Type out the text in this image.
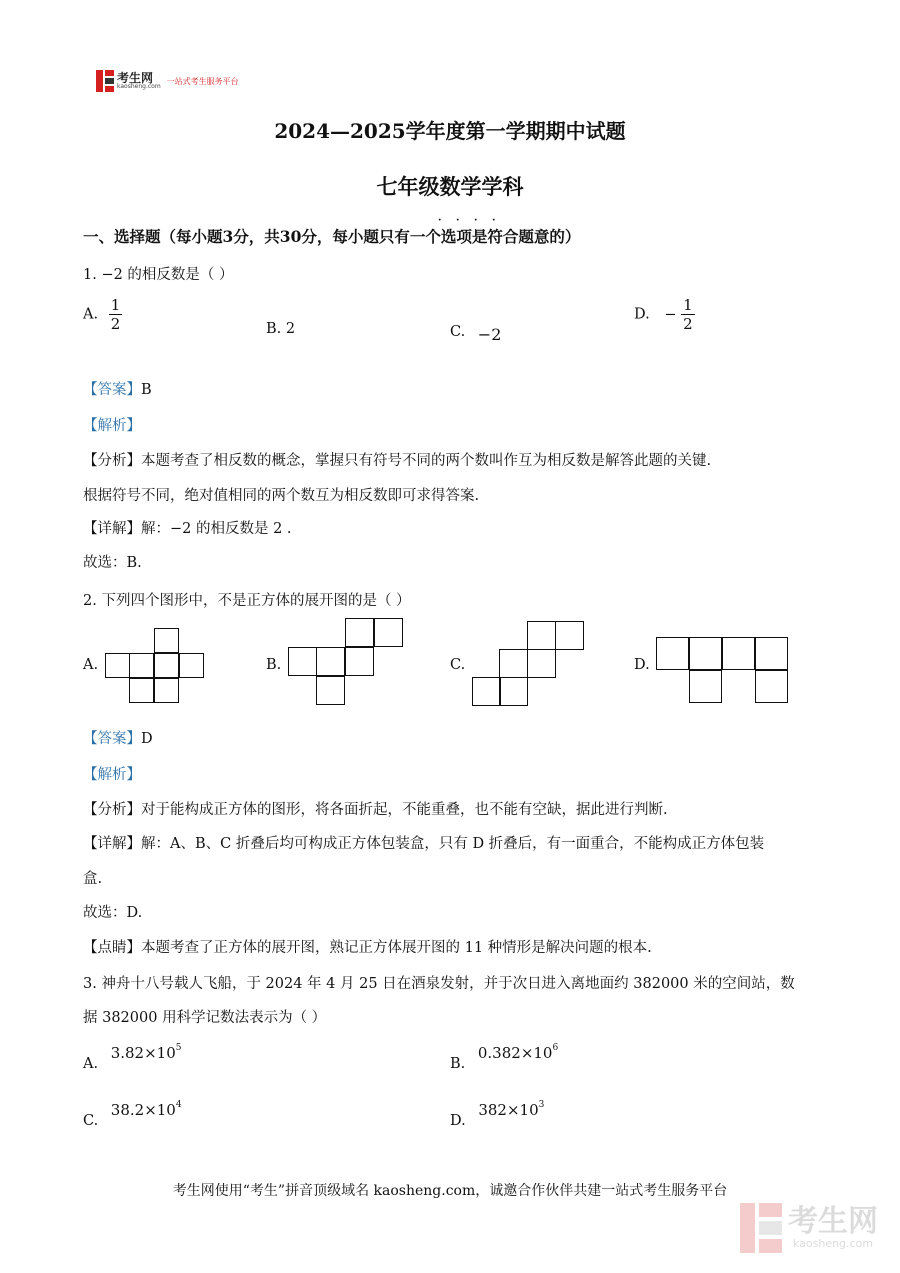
考生网
kaosheng.com
一站式考生服务平台
2024—2025学年度第一学期期中试题
七年级数学学科
一、选择题（每小题3分，共30分，每小题只有一个选项是符合题意的）
· · · ·
1. −2 的相反数是（ ）
A. $\frac{1}{2}$	B. 2	C. −2
D. − $\frac{1}{2}$
【答案】B
【解析】
【分析】本题考查了相反数的概念，掌握只有符号不同的两个数叫作互为相反数是解答此题的关键.
根据符号不同，绝对值相同的两个数互为相反数即可求得答案.
【详解】解：−2 的相反数是 2 .
故选：B.
2. 下列四个图形中，不是正方体的展开图的是（ ）
A.	B.	C.	D.
【答案】D
【解析】
【分析】对于能构成正方体的图形，将各面折起，不能重叠，也不能有空缺，据此进行判断.
【详解】解：A、B、C 折叠后均可构成正方体包装盒，只有 D 折叠后，有一面重合，不能构成正方体包装
盒.
故选：D.
【点睛】本题考查了正方体的展开图，熟记正方体展开图的 11 种情形是解决问题的根本.
3. 神舟十八号载人飞船，于 2024 年 4 月 25 日在酒泉发射，并于次日进入离地面约 382000 米的空间站，数
据 382000 用科学记数法表示为（ ）
A. $3.82\times 10^5$
B. $0.382\times 10^6$
C. $38.2\times 10^4$
D. $382\times 10^3$
考生网使用“考生”拼音顶级域名 kaosheng.com，诚邀合作伙伴共建一站式考生服务平台
考生网
kaosheng.com
